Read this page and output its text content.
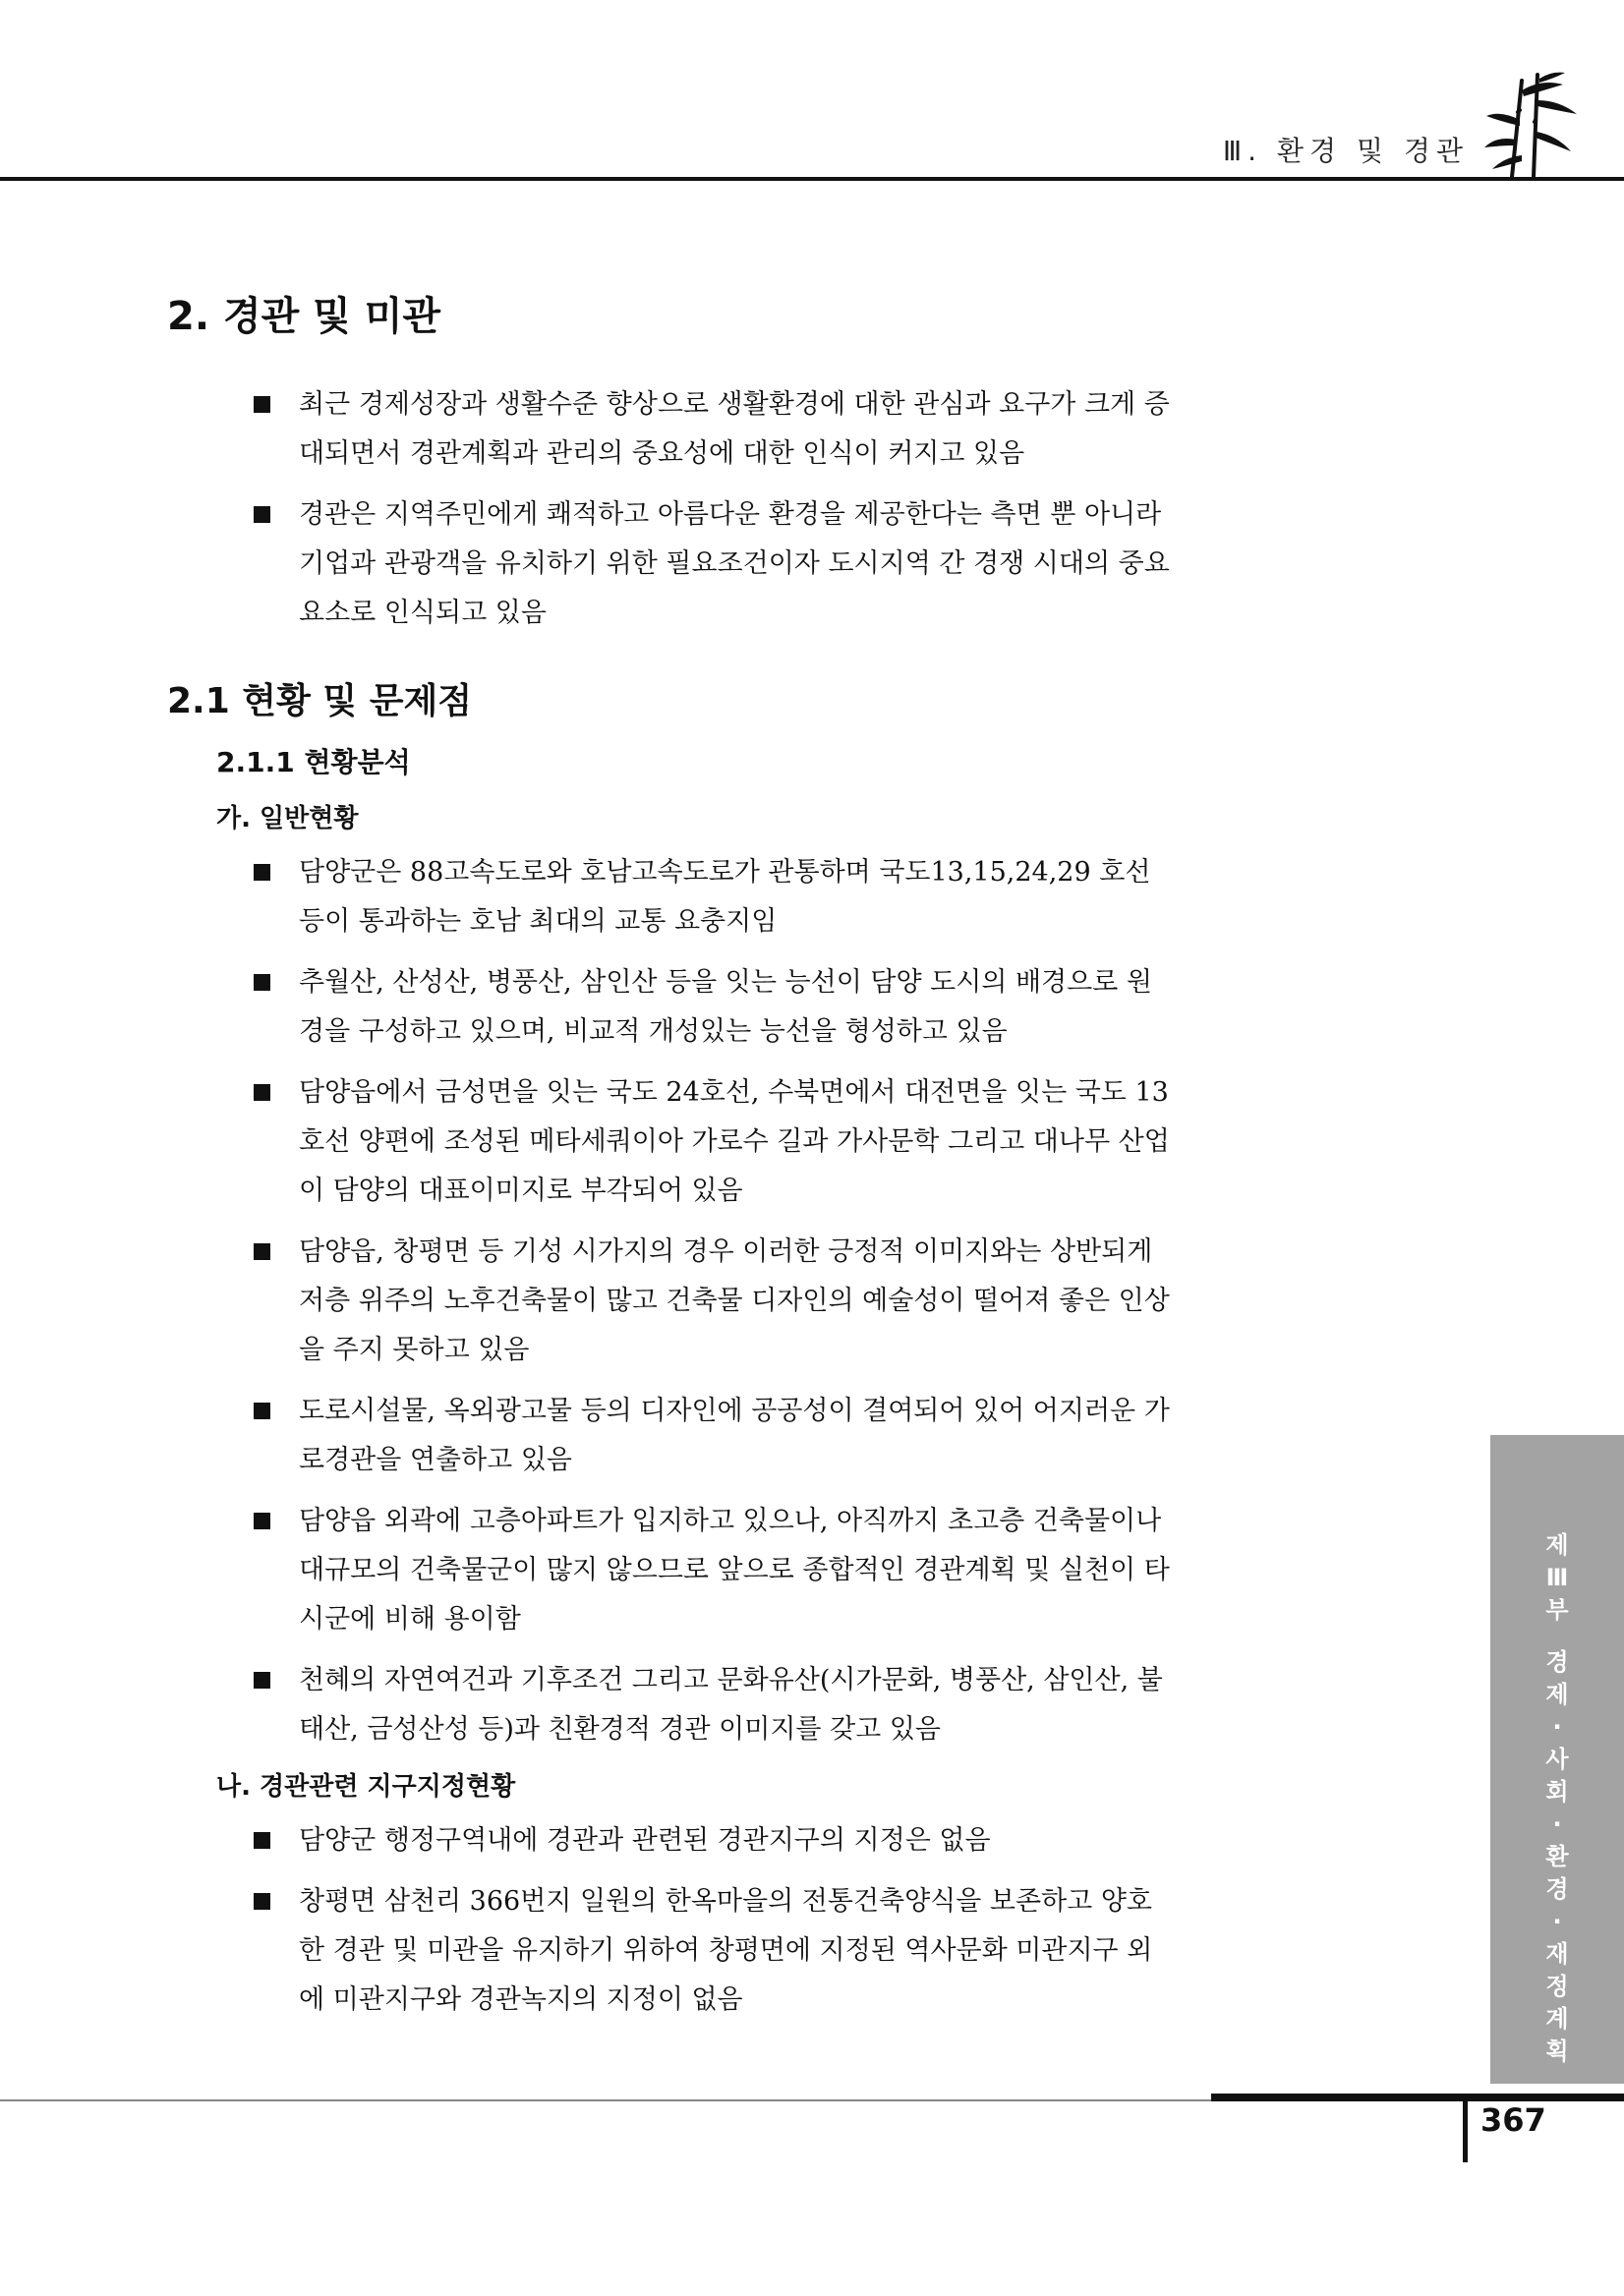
Ⅲ. 환경 및 경관
2. 경관 및 미관
최근 경제성장과 생활수준 향상으로 생활환경에 대한 관심과 요구가 크게 증대되면서 경관계획과 관리의 중요성에 대한 인식이 커지고 있음
경관은 지역주민에게 쾌적하고 아름다운 환경을 제공한다는 측면 뿐 아니라 기업과 관광객을 유치하기 위한 필요조건이자 도시지역 간 경쟁 시대의 중요 요소로 인식되고 있음
2.1 현황 및 문제점
2.1.1 현황분석
가. 일반현황
담양군은 88고속도로와 호남고속도로가 관통하며 국도13,15,24,29 호선 등이 통과하는 호남 최대의 교통 요충지임
추월산, 산성산, 병풍산, 삼인산 등을 잇는 능선이 담양 도시의 배경으로 원경을 구성하고 있으며, 비교적 개성있는 능선을 형성하고 있음
담양읍에서 금성면을 잇는 국도 24호선, 수북면에서 대전면을 잇는 국도 13호선 양편에 조성된 메타세쿼이아 가로수 길과 가사문학 그리고 대나무 산업이 담양의 대표이미지로 부각되어 있음
담양읍, 창평면 등 기성 시가지의 경우 이러한 긍정적 이미지와는 상반되게 저층 위주의 노후건축물이 많고 건축물 디자인의 예술성이 떨어져 좋은 인상을 주지 못하고 있음
도로시설물, 옥외광고물 등의 디자인에 공공성이 결여되어 있어 어지러운 가로경관을 연출하고 있음
담양읍 외곽에 고층아파트가 입지하고 있으나, 아직까지 초고층 건축물이나 대규모의 건축물군이 많지 않으므로 앞으로 종합적인 경관계획 및 실천이 타 시군에 비해 용이함
천혜의 자연여건과 기후조건 그리고 문화유산(시가문화, 병풍산, 삼인산, 불태산, 금성산성 등)과 친환경적 경관 이미지를 갖고 있음
나. 경관관련 지구지정현황
담양군 행정구역내에 경관과 관련된 경관지구의 지정은 없음
창평면 삼천리 366번지 일원의 한옥마을의 전통건축양식을 보존하고 양호한 경관 및 미관을 유지하기 위하여 창평면에 지정된 역사문화 미관지구 외에 미관지구와 경관녹지의 지정이 없음
제
Ⅲ
부
경
제
·
사
회
·
환
경
·
재
정
계
획
367
